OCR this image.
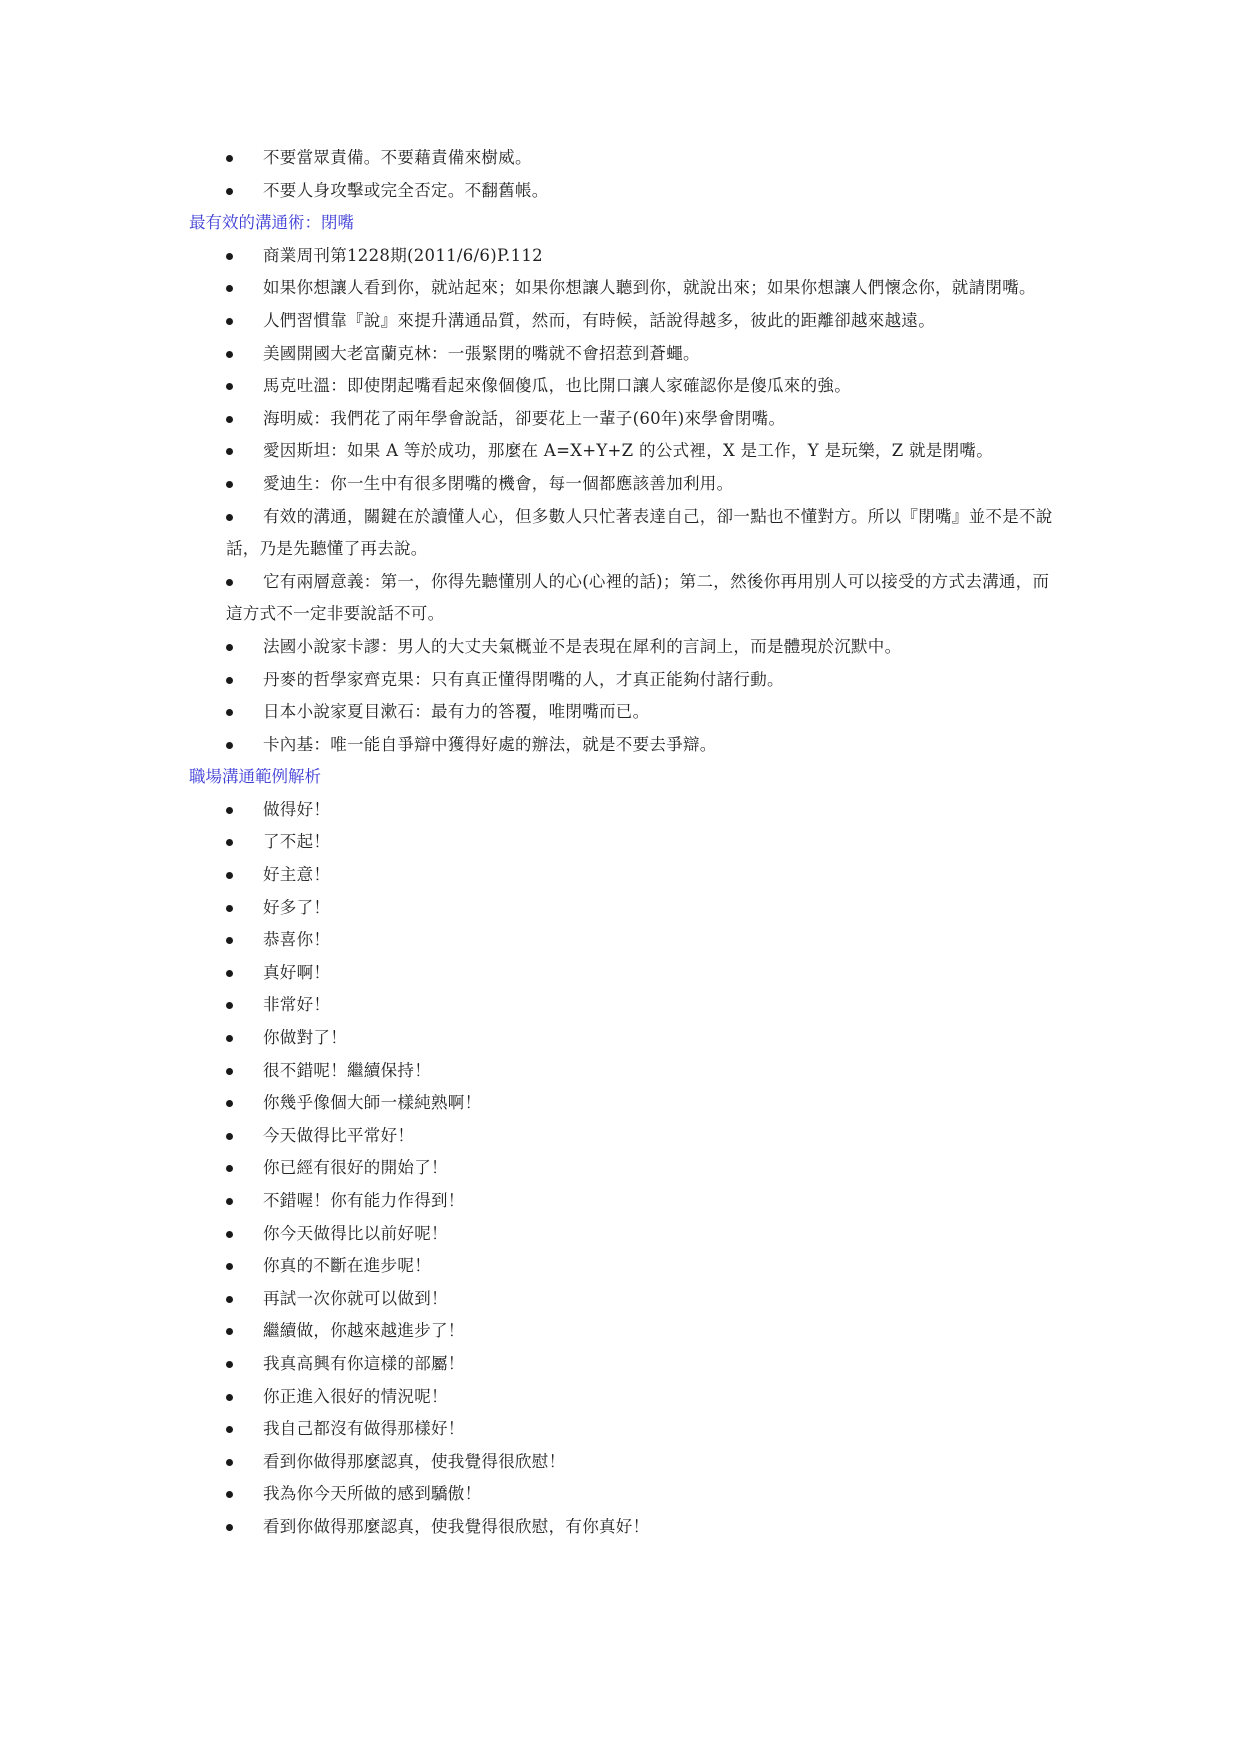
不要當眾責備。不要藉責備來樹威。
不要人身攻擊或完全否定。不翻舊帳。
最有效的溝通術：閉嘴
商業周刊第1228期(2011/6/6)P.112
如果你想讓人看到你，就站起來；如果你想讓人聽到你，就說出來；如果你想讓人們懷念你，就請閉嘴。
人們習慣靠『說』來提升溝通品質，然而，有時候，話說得越多，彼此的距離卻越來越遠。
美國開國大老富蘭克林：一張緊閉的嘴就不會招惹到蒼蠅。
馬克吐溫：即使閉起嘴看起來像個傻瓜，也比開口讓人家確認你是傻瓜來的強。
海明威：我們花了兩年學會說話，卻要花上一輩子(60年)來學會閉嘴。
愛因斯坦：如果 A 等於成功，那麼在 A=X+Y+Z 的公式裡，X 是工作，Y 是玩樂，Z 就是閉嘴。
愛迪生：你一生中有很多閉嘴的機會，每一個都應該善加利用。
有效的溝通，關鍵在於讀懂人心，但多數人只忙著表達自己，卻一點也不懂對方。所以『閉嘴』並不是不說話，乃是先聽懂了再去說。
它有兩層意義：第一，你得先聽懂別人的心(心裡的話)；第二，然後你再用別人可以接受的方式去溝通，而這方式不一定非要說話不可。
法國小說家卡謬：男人的大丈夫氣概並不是表現在犀利的言詞上，而是體現於沉默中。
丹麥的哲學家齊克果：只有真正懂得閉嘴的人，才真正能夠付諸行動。
日本小說家夏目漱石：最有力的答覆，唯閉嘴而已。
卡內基：唯一能自爭辯中獲得好處的辦法，就是不要去爭辯。
職場溝通範例解析
做得好！
了不起！
好主意！
好多了！
恭喜你！
真好啊！
非常好！
你做對了！
很不錯呢！繼續保持！
你幾乎像個大師一樣純熟啊！
今天做得比平常好！
你已經有很好的開始了！
不錯喔！你有能力作得到！
你今天做得比以前好呢！
你真的不斷在進步呢！
再試一次你就可以做到！
繼續做，你越來越進步了！
我真高興有你這樣的部屬！
你正進入很好的情況呢！
我自己都沒有做得那樣好！
看到你做得那麼認真，使我覺得很欣慰！
我為你今天所做的感到驕傲！
看到你做得那麼認真，使我覺得很欣慰，有你真好！
